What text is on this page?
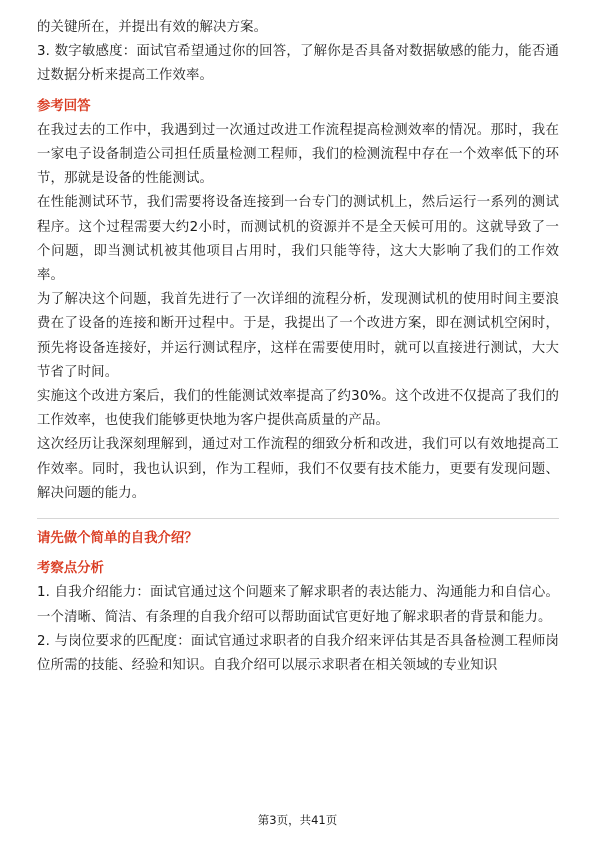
的关键所在，并提出有效的解决方案。

3. 数字敏感度：面试官希望通过你的回答，了解你是否具备对数据敏感的能力，能否通过数据分析来提高工作效率。

参考回答

在我过去的工作中，我遇到过一次通过改进工作流程提高检测效率的情况。那时，我在一家电子设备制造公司担任质量检测工程师，我们的检测流程中存在一个效率低下的环节，那就是设备的性能测试。

在性能测试环节，我们需要将设备连接到一台专门的测试机上，然后运行一系列的测试程序。这个过程需要大约2小时，而测试机的资源并不是全天候可用的。这就导致了一个问题，即当测试机被其他项目占用时，我们只能等待，这大大影响了我们的工作效率。

为了解决这个问题，我首先进行了一次详细的流程分析，发现测试机的使用时间主要浪费在了设备的连接和断开过程中。于是，我提出了一个改进方案，即在测试机空闲时，预先将设备连接好，并运行测试程序，这样在需要使用时，就可以直接进行测试，大大节省了时间。

实施这个改进方案后，我们的性能测试效率提高了约30%。这个改进不仅提高了我们的工作效率，也使我们能够更快地为客户提供高质量的产品。

这次经历让我深刻理解到，通过对工作流程的细致分析和改进，我们可以有效地提高工作效率。同时，我也认识到，作为工程师，我们不仅要有技术能力，更要有发现问题、解决问题的能力。

请先做个简单的自我介绍？

考察点分析

1. 自我介绍能力：面试官通过这个问题来了解求职者的表达能力、沟通能力和自信心。一个清晰、简洁、有条理的自我介绍可以帮助面试官更好地了解求职者的背景和能力。

2. 与岗位要求的匹配度：面试官通过求职者的自我介绍来评估其是否具备检测工程师岗位所需的技能、经验和知识。自我介绍可以展示求职者在相关领域的专业知识

第3页，共41页
